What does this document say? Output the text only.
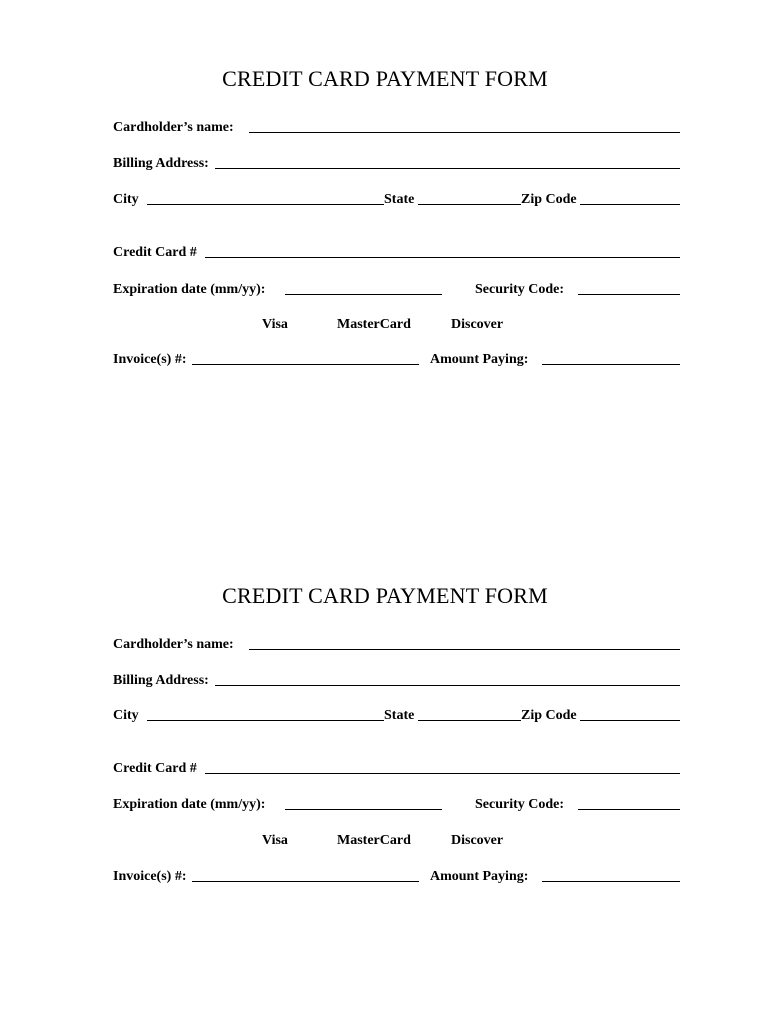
CREDIT CARD PAYMENT FORM
Cardholder’s name:
Billing Address:
City	State	Zip Code
Credit Card #
Expiration date (mm/yy):	Security Code:
Visa	MasterCard	Discover
Invoice(s) #:	Amount Paying:
CREDIT CARD PAYMENT FORM
Cardholder’s name:
Billing Address:
City	State	Zip Code
Credit Card #
Expiration date (mm/yy):	Security Code:
Visa	MasterCard	Discover
Invoice(s) #:	Amount Paying:
